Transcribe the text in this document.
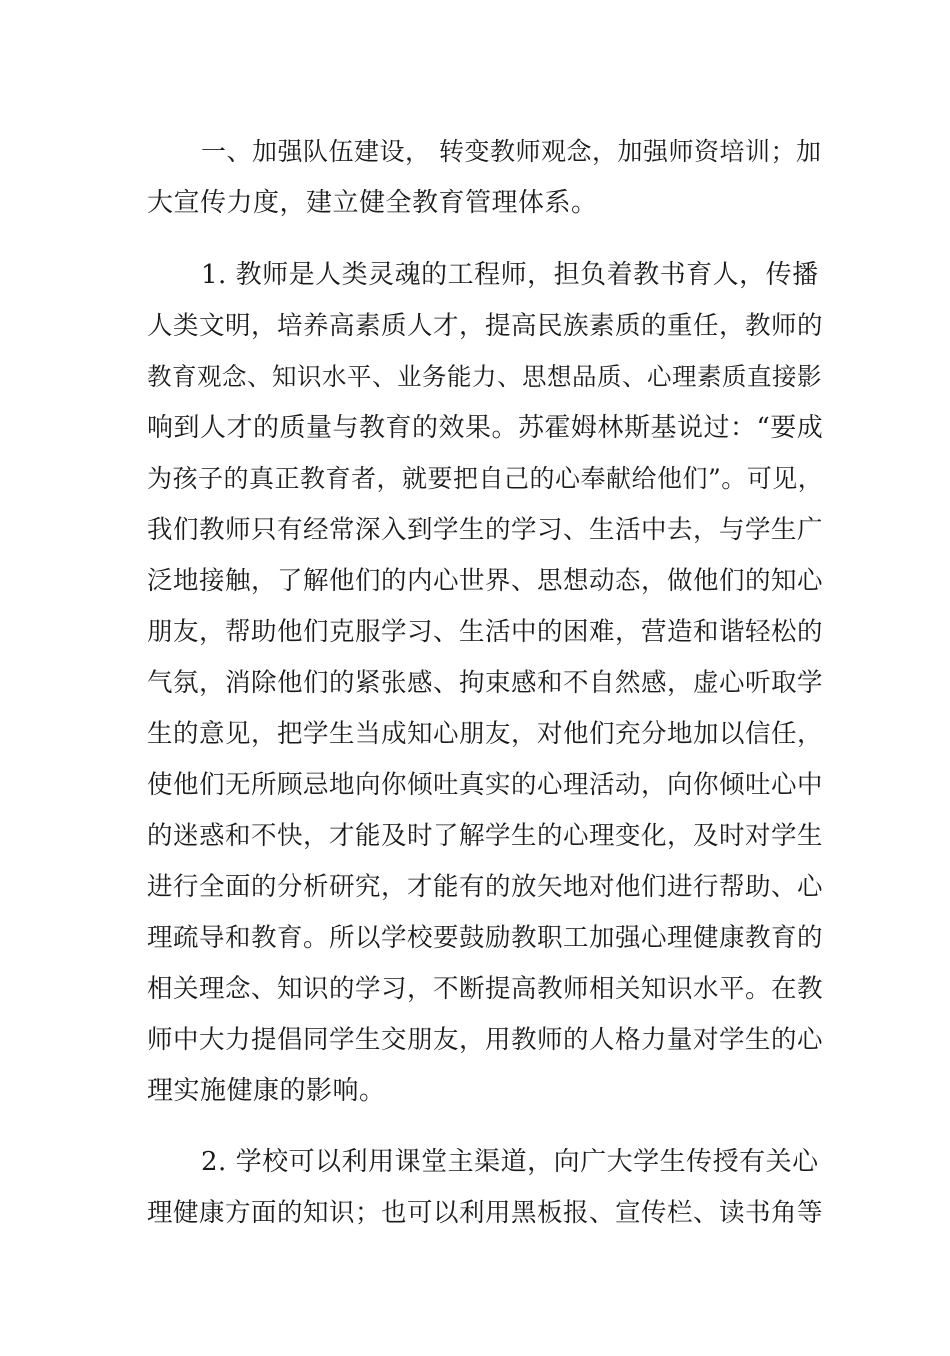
一、加强队伍建设， 转变教师观念，加强师资培训；加
大宣传力度，建立健全教育管理体系。
1. 教师是人类灵魂的工程师，担负着教书育人，传播
人类文明，培养高素质人才，提高民族素质的重任，教师的
教育观念、知识水平、业务能力、思想品质、心理素质直接影
响到人才的质量与教育的效果。苏霍姆林斯基说过：“要成
为孩子的真正教育者，就要把自己的心奉献给他们”。可见，
我们教师只有经常深入到学生的学习、生活中去，与学生广
泛地接触，了解他们的内心世界、思想动态，做他们的知心
朋友，帮助他们克服学习、生活中的困难，营造和谐轻松的
气氛，消除他们的紧张感、拘束感和不自然感，虚心听取学
生的意见，把学生当成知心朋友，对他们充分地加以信任，
使他们无所顾忌地向你倾吐真实的心理活动，向你倾吐心中
的迷惑和不快，才能及时了解学生的心理变化，及时对学生
进行全面的分析研究，才能有的放矢地对他们进行帮助、心
理疏导和教育。所以学校要鼓励教职工加强心理健康教育的
相关理念、知识的学习，不断提高教师相关知识水平。在教
师中大力提倡同学生交朋友，用教师的人格力量对学生的心
理实施健康的影响。
2. 学校可以利用课堂主渠道，向广大学生传授有关心
理健康方面的知识；也可以利用黑板报、宣传栏、读书角等
